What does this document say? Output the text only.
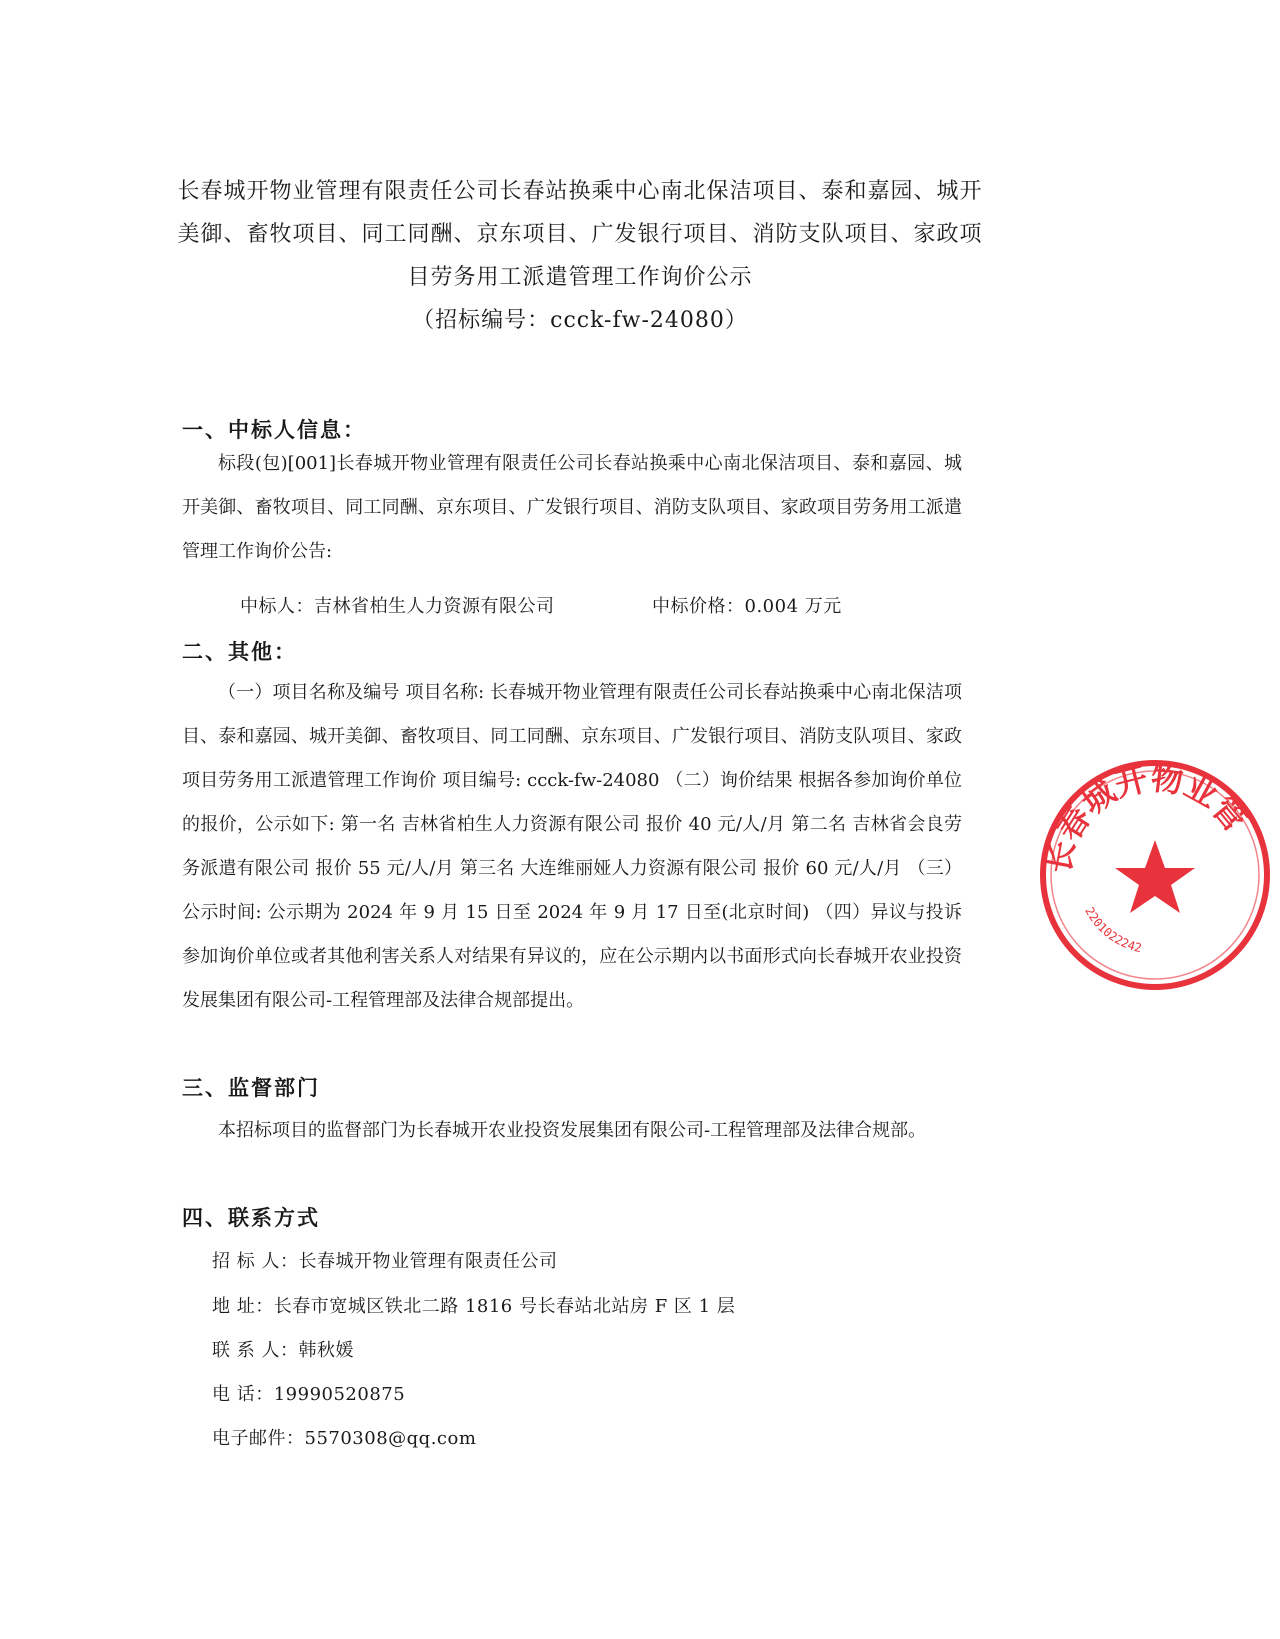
长春城开物业管理有限责任公司长春站换乘中心南北保洁项目、泰和嘉园、城开
美御、畜牧项目、同工同酬、京东项目、广发银行项目、消防支队项目、家政项
目劳务用工派遣管理工作询价公示
（招标编号：ccck-fw-24080）
一、中标人信息：
标段(包)[001]长春城开物业管理有限责任公司长春站换乘中心南北保洁项目、泰和嘉园、城开美御、畜牧项目、同工同酬、京东项目、广发银行项目、消防支队项目、家政项目劳务用工派遣管理工作询价公告:
中标人：吉林省柏生人力资源有限公司	中标价格：0.004 万元
二、其他：
（一）项目名称及编号 项目名称: 长春城开物业管理有限责任公司长春站换乘中心南北保洁项目、泰和嘉园、城开美御、畜牧项目、同工同酬、京东项目、广发银行项目、消防支队项目、家政项目劳务用工派遣管理工作询价 项目编号: ccck-fw-24080 （二）询价结果 根据各参加询价单位的报价，公示如下: 第一名 吉林省柏生人力资源有限公司 报价 40 元/人/月 第二名 吉林省会良劳务派遣有限公司 报价 55 元/人/月 第三名 大连维丽娅人力资源有限公司 报价 60 元/人/月 （三）公示时间: 公示期为 2024 年 9 月 15 日至 2024 年 9 月 17 日至(北京时间) （四）异议与投诉参加询价单位或者其他利害关系人对结果有异议的，应在公示期内以书面形式向长春城开农业投资发展集团有限公司-工程管理部及法律合规部提出。
三、监督部门
本招标项目的监督部门为长春城开农业投资发展集团有限公司-工程管理部及法律合规部。
四、联系方式
招 标 人：长春城开物业管理有限责任公司
地 址：长春市宽城区铁北二路 1816 号长春站北站房 F 区 1 层
联 系 人：韩秋媛
电 话：19990520875
电子邮件：5570308@qq.com
长春城开物业管
2201022242
